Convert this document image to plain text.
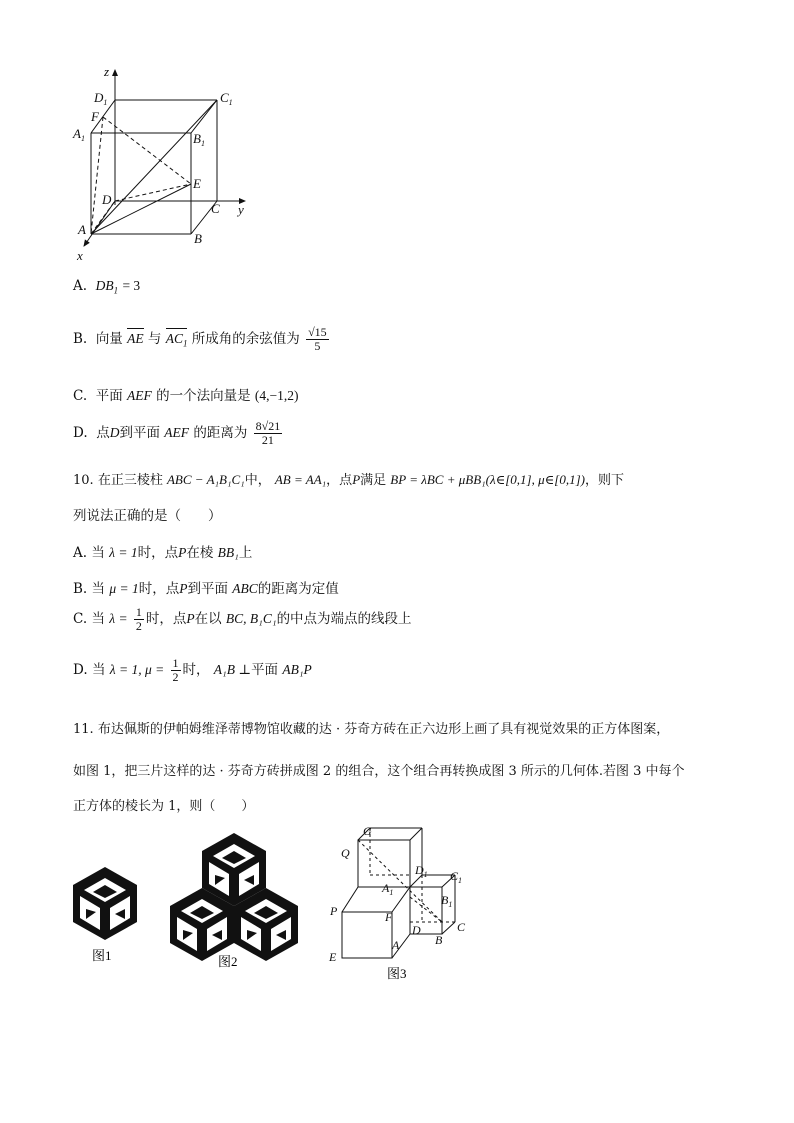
z
$D_1$	$C_1$
F
$A_1$	$B_1$
E
D
C y
A
B
x
A. $DB_1 = 3$
B. 向量 AE 与 $AC_1$ 所成角的余弦值为 $\frac{√15}{5}$
C. 平面 AEF 的一个法向量是 (4,−1,2)
D. 点D到平面 AEF 的距离为 $\frac{8√21}{21}$
10. 在正三棱柱 ABC − A₁B₁C₁中， AB = AA₁，点P满足 BP = λBC + μBB₁(λ∈[0,1], μ∈[0,1])，则下
列说法正确的是（　　）
A. 当 λ = 1时，点P在棱 BB₁上
B. 当 μ = 1时，点P到平面 ABC的距离为定值
C. 当 $\lambda = \frac{1}{2}$ 时，点P在以 BC, B₁C₁的中点为端点的线段上
D. 当 λ = 1, $\mu = \frac{1}{2}$ 时， A₁B ⊥平面 AB₁P
11. 布达佩斯的伊帕姆维泽蒂博物馆收藏的达 · 芬奇方砖在正六边形上画了具有视觉效果的正方体图案，
如图 1，把三片这样的达 · 芬奇方砖拼成图 2 的组合，这个组合再转换成图 3 所示的几何体.若图 3 中每个
正方体的棱长为 1，则（　　）
图1	图2
G
Q
$D_1$ $C_1$
$A_1$
$B_1$
P	F
C
D
E
A	B
图3
